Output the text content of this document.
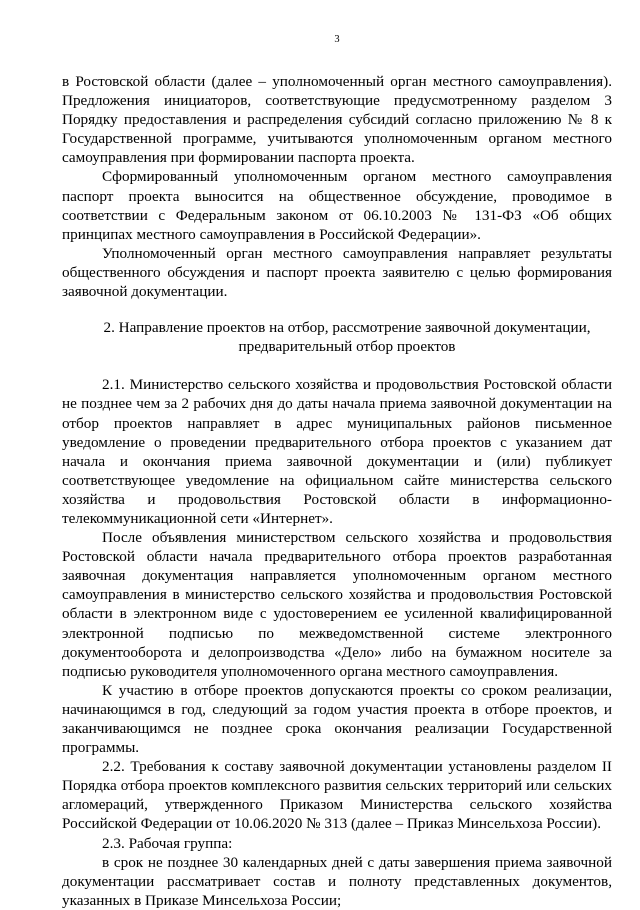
3

в Ростовской области (далее – уполномоченный орган местного самоуправления). Предложения инициаторов, соответствующие предусмотренному разделом 3 Порядку предоставления и распределения субсидий согласно приложению № 8 к Государственной программе, учитываются уполномоченным органом местного самоуправления при формировании паспорта проекта.

Сформированный уполномоченным органом местного самоуправления паспорт проекта выносится на общественное обсуждение, проводимое в соответствии с Федеральным законом от 06.10.2003 № 131-ФЗ «Об общих принципах местного самоуправления в Российской Федерации».

Уполномоченный орган местного самоуправления направляет результаты общественного обсуждения и паспорт проекта заявителю с целью формирования заявочной документации.

2. Направление проектов на отбор, рассмотрение заявочной документации,
предварительный отбор проектов

2.1. Министерство сельского хозяйства и продовольствия Ростовской области не позднее чем за 2 рабочих дня до даты начала приема заявочной документации на отбор проектов направляет в адрес муниципальных районов письменное уведомление о проведении предварительного отбора проектов с указанием дат начала и окончания приема заявочной документации и (или) публикует соответствующее уведомление на официальном сайте министерства сельского хозяйства и продовольствия Ростовской области в информационно-телекоммуникационной сети «Интернет».

После объявления министерством сельского хозяйства и продовольствия Ростовской области начала предварительного отбора проектов разработанная заявочная документация направляется уполномоченным органом местного самоуправления в министерство сельского хозяйства и продовольствия Ростовской области в электронном виде с удостоверением ее усиленной квалифицированной электронной подписью по межведомственной системе электронного документооборота и делопроизводства «Дело» либо на бумажном носителе за подписью руководителя уполномоченного органа местного самоуправления.

К участию в отборе проектов допускаются проекты со сроком реализации, начинающимся в год, следующий за годом участия проекта в отборе проектов, и заканчивающимся не позднее срока окончания реализации Государственной программы.

2.2. Требования к составу заявочной документации установлены разделом II Порядка отбора проектов комплексного развития сельских территорий или сельских агломераций, утвержденного Приказом Министерства сельского хозяйства Российской Федерации от 10.06.2020 № 313 (далее – Приказ Минсельхоза России).

2.3. Рабочая группа:

в срок не позднее 30 календарных дней с даты завершения приема заявочной документации рассматривает состав и полноту представленных документов, указанных в Приказе Минсельхоза России;
